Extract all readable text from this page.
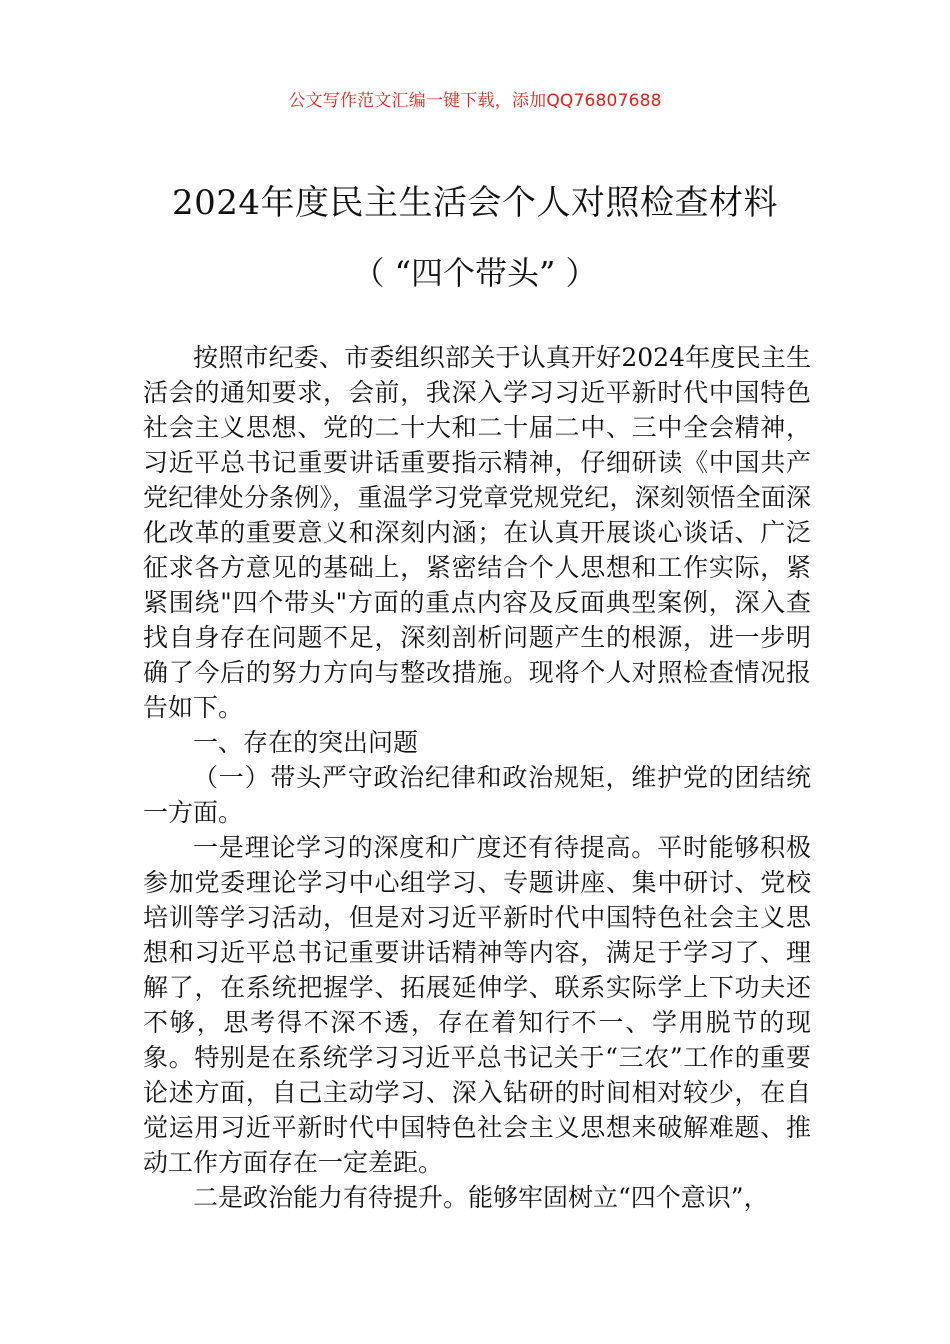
公文写作范文汇编一键下载，添加QQ76807688
2024年度民主生活会个人对照检查材料
（ “四个带头” ）

按照市纪委、市委组织部关于认真开好2024年度民主生活会的通知要求，会前，我深入学习习近平新时代中国特色社会主义思想、党的二十大和二十届二中、三中全会精神，习近平总书记重要讲话重要指示精神，仔细研读《中国共产党纪律处分条例》，重温学习党章党规党纪，深刻领悟全面深化改革的重要意义和深刻内涵；在认真开展谈心谈话、广泛征求各方意见的基础上，紧密结合个人思想和工作实际，紧紧围绕"四个带头"方面的重点内容及反面典型案例，深入查找自身存在问题不足，深刻剖析问题产生的根源，进一步明确了今后的努力方向与整改措施。现将个人对照检查情况报告如下。

一、存在的突出问题

（一）带头严守政治纪律和政治规矩，维护党的团结统一方面。

一是理论学习的深度和广度还有待提高。平时能够积极参加党委理论学习中心组学习、专题讲座、集中研讨、党校培训等学习活动，但是对习近平新时代中国特色社会主义思想和习近平总书记重要讲话精神等内容，满足于学习了、理解了，在系统把握学、拓展延伸学、联系实际学上下功夫还不够，思考得不深不透，存在着知行不一、学用脱节的现象。特别是在系统学习习近平总书记关于“三农”工作的重要论述方面，自己主动学习、深入钻研的时间相对较少，在自觉运用习近平新时代中国特色社会主义思想来破解难题、推动工作方面存在一定差距。

二是政治能力有待提升。能够牢固树立“四个意识”，
